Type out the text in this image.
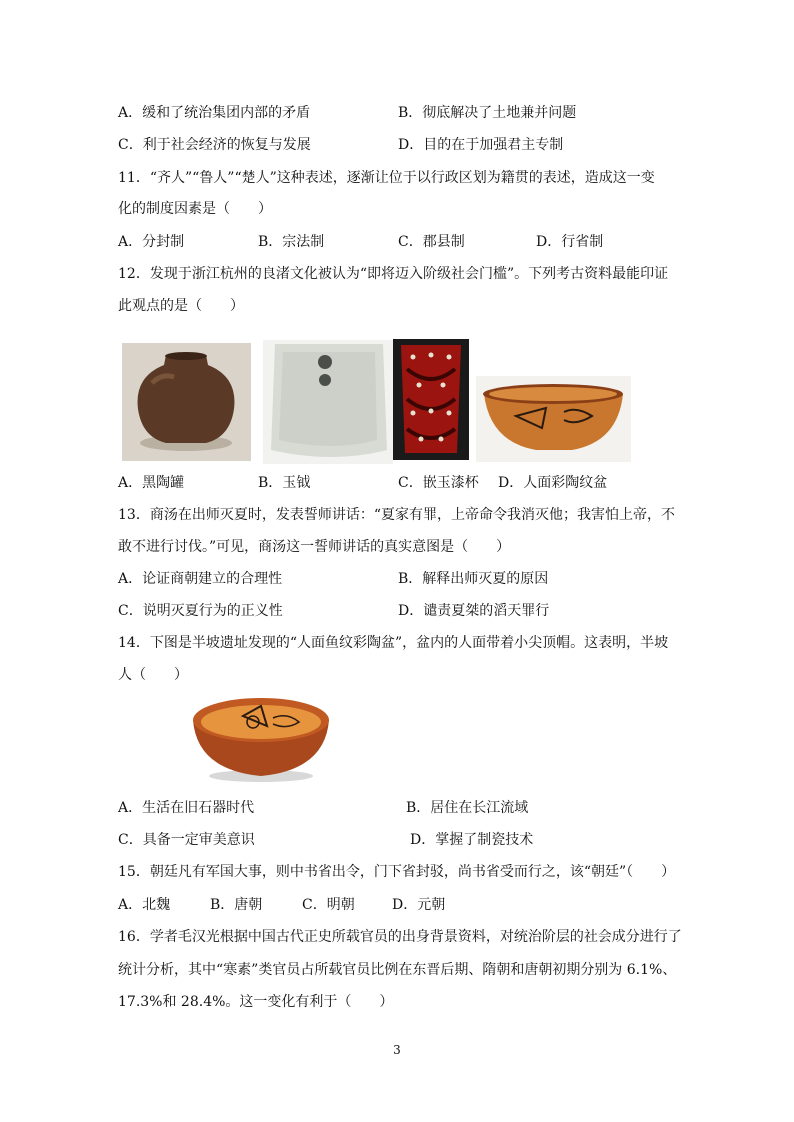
A．缓和了统治集团内部的矛盾	B．彻底解决了土地兼并问题
C．利于社会经济的恢复与发展	D．目的在于加强君主专制
11．“齐人”“鲁人”“楚人”这种表述，逐渐让位于以行政区划为籍贯的表述，造成这一变
化的制度因素是（　　）
A．分封制	B．宗法制	C．郡县制	D．行省制
12．发现于浙江杭州的良渚文化被认为“即将迈入阶级社会门槛”。下列考古资料最能印证
此观点的是（　　）
A．黑陶罐	B．玉钺	C．嵌玉漆杯 D．人面彩陶纹盆
13．商汤在出师灭夏时，发表誓师讲话：“夏家有罪，上帝命令我消灭他；我害怕上帝，不
敢不进行讨伐。”可见，商汤这一誓师讲话的真实意图是（　　）
A．论证商朝建立的合理性	B．解释出师灭夏的原因
C．说明灭夏行为的正义性	D．谴责夏桀的滔天罪行
14．下图是半坡遗址发现的“人面鱼纹彩陶盆”，盆内的人面带着小尖顶帽。这表明，半坡
人（　　）
A．生活在旧石器时代	B．居住在长江流域
C．具备一定审美意识	D．掌握了制瓷技术
15．朝廷凡有军国大事，则中书省出令，门下省封驳，尚书省受而行之，该“朝廷”（　　）
A．北魏	B．唐朝	C．明朝	D．元朝
16．学者毛汉光根据中国古代正史所载官员的出身背景资料，对统治阶层的社会成分进行了
统计分析，其中“寒素”类官员占所载官员比例在东晋后期、隋朝和唐朝初期分别为 6.1%、
17.3%和 28.4%。这一变化有利于（　　）
3
